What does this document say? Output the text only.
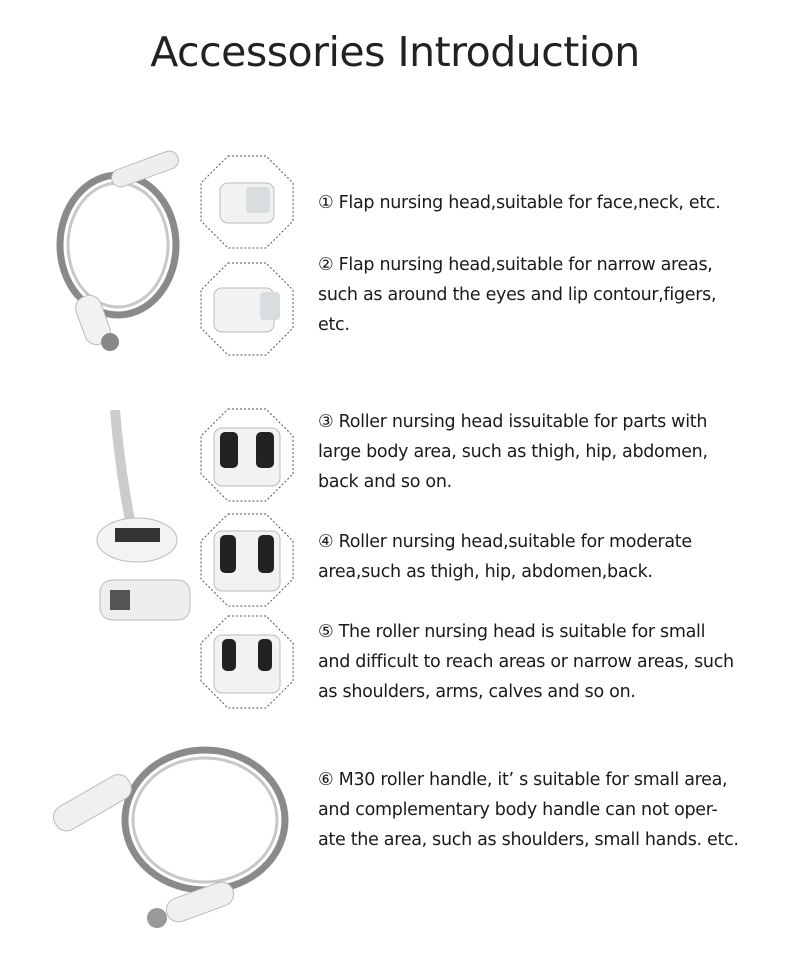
Accessories Introduction
① Flap nursing head,suitable for face,neck, etc.
② Flap nursing head,suitable for narrow areas,
such as around the eyes and lip contour,figers,
etc.
③ Roller nursing head issuitable for parts with
large body area, such as thigh, hip, abdomen,
back and so on.
④ Roller nursing head,suitable for moderate
area,such as thigh, hip, abdomen,back.
⑤ The roller nursing head is suitable for small
and difficult to reach areas or narrow areas, such
as shoulders, arms, calves and so on.
⑥ M30 roller handle, it’ s suitable for small area,
and complementary body handle can not oper-
ate the area, such as shoulders, small hands. etc.
